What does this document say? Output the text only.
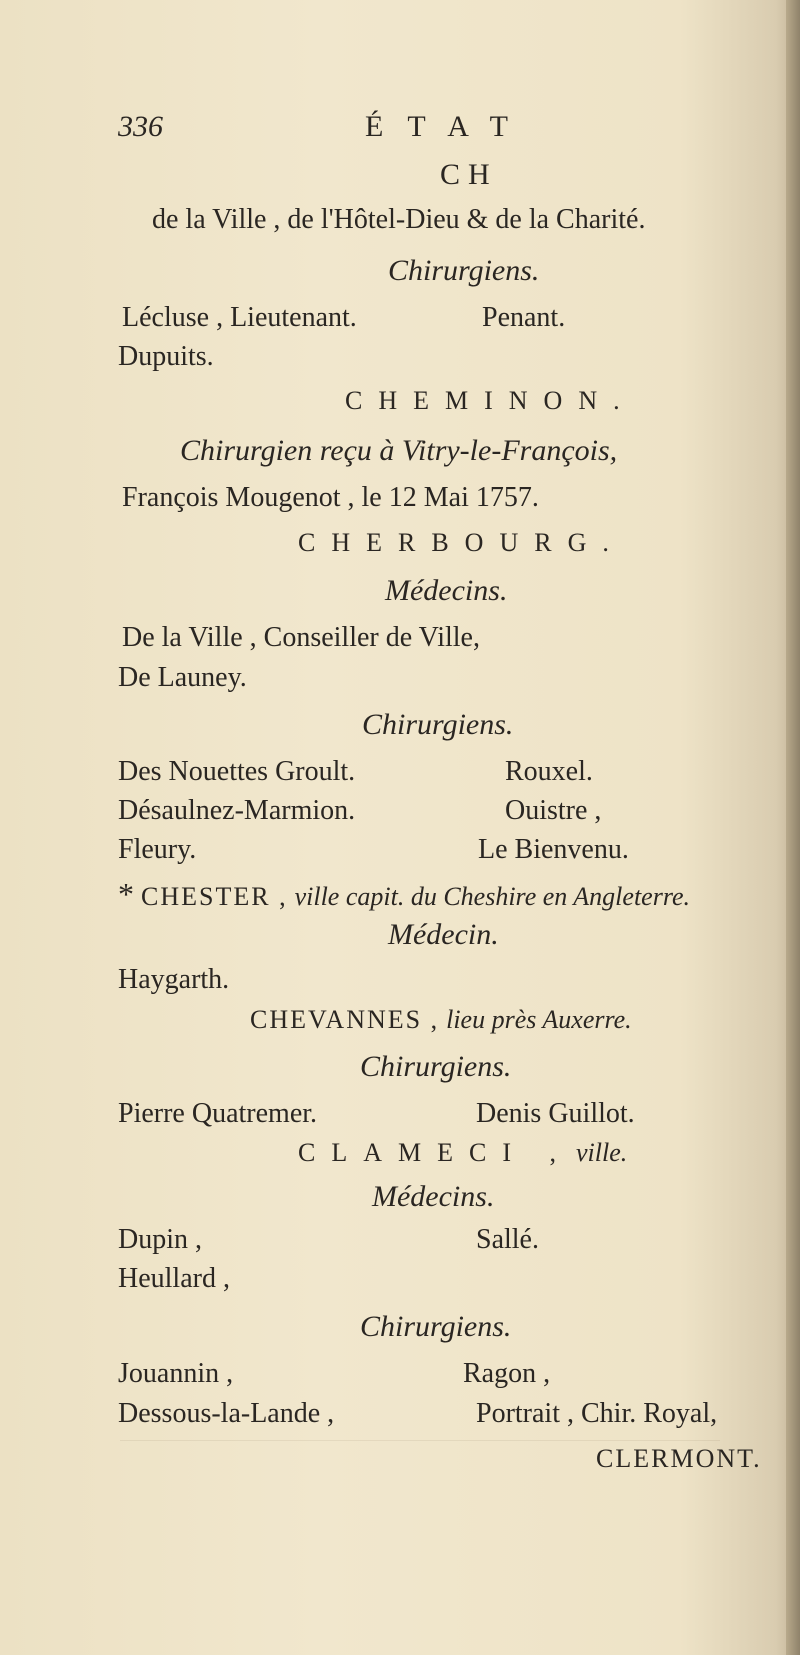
336	ÉTAT
CH
de la Ville , de l'Hôtel-Dieu & de la Charité.
Chirurgiens.
Lécluse , Lieutenant.	Penant.
Dupuits.
CHEMINON.
Chirurgien reçu à Vitry-le-François,
François Mougenot , le 12 Mai 1757.
CHERBOURG.
Médecins.
De la Ville , Conseiller de Ville,
De Launey.
Chirurgiens.
Des Nouettes Groult.	Rouxel.
Désaulnez-Marmion.	Ouistre ,
Fleury.	Le Bienvenu.
* CHESTER , ville capit. du Cheshire en Angleterre.
Médecin.
Haygarth.
CHEVANNES , lieu près Auxerre.
Chirurgiens.
Pierre Quatremer.	Denis Guillot.
CLAMECI , ville.
Médecins.
Dupin ,	Sallé.
Heullard ,
Chirurgiens.
Jouannin ,	Ragon ,
Dessous-la-Lande ,	Portrait , Chir. Royal,
CLERMONT.
